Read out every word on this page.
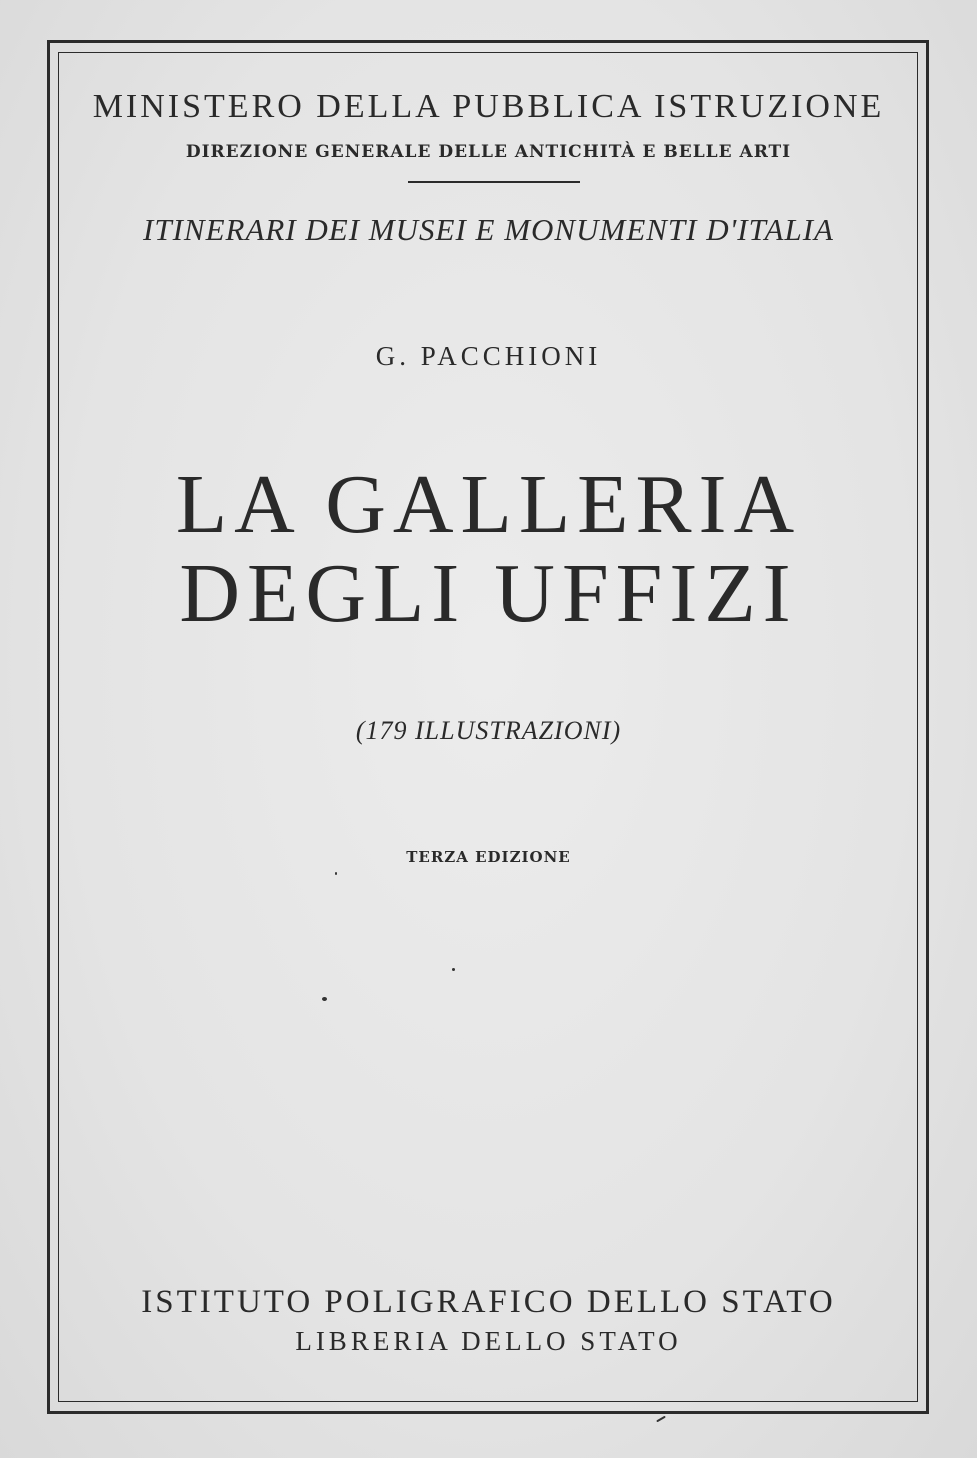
MINISTERO DELLA PUBBLICA ISTRUZIONE
DIREZIONE GENERALE DELLE ANTICHITÀ E BELLE ARTI
ITINERARI DEI MUSEI E MONUMENTI D'ITALIA
G. PACCHIONI
LA GALLERIA
DEGLI UFFIZI
(179 ILLUSTRAZIONI)
TERZA EDIZIONE
ISTITUTO POLIGRAFICO DELLO STATO
LIBRERIA DELLO STATO
